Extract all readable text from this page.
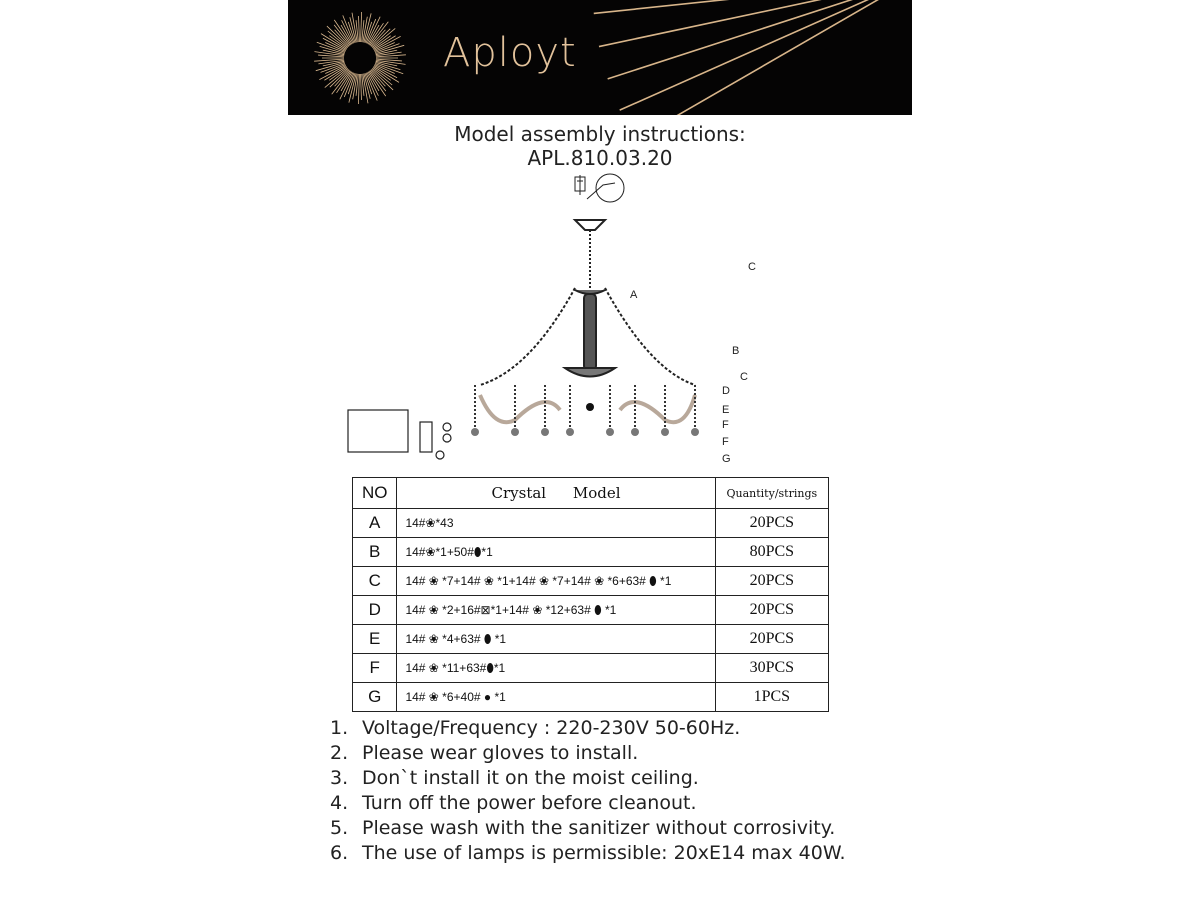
Aployt
Model assembly instructions:
APL.810.03.20
A
B
C
C
D
E
F
F
G
NO	Crystal Model	Quantity/strings
A	14#❀*43	20PCS
B	14#❀*1+50#⬮*1	80PCS
C	14# ❀ *7+14# ❀ *1+14# ❀ *7+14# ❀ *6+63# ⬮ *1	20PCS
D	14# ❀ *2+16#⊠*1+14# ❀ *12+63# ⬮ *1	20PCS
E	14# ❀ *4+63# ⬮ *1	20PCS
F	14# ❀ *11+63#⬮*1	30PCS
G	14# ❀ *6+40# ● *1	1PCS
1. Voltage/Frequency : 220-230V 50-60Hz.
2. Please wear gloves to install.
3. Don`t install it on the moist ceiling.
4. Turn off the power before cleanout.
5. Please wash with the sanitizer without corrosivity.
6. The use of lamps is permissible: 20xE14 max 40W.
